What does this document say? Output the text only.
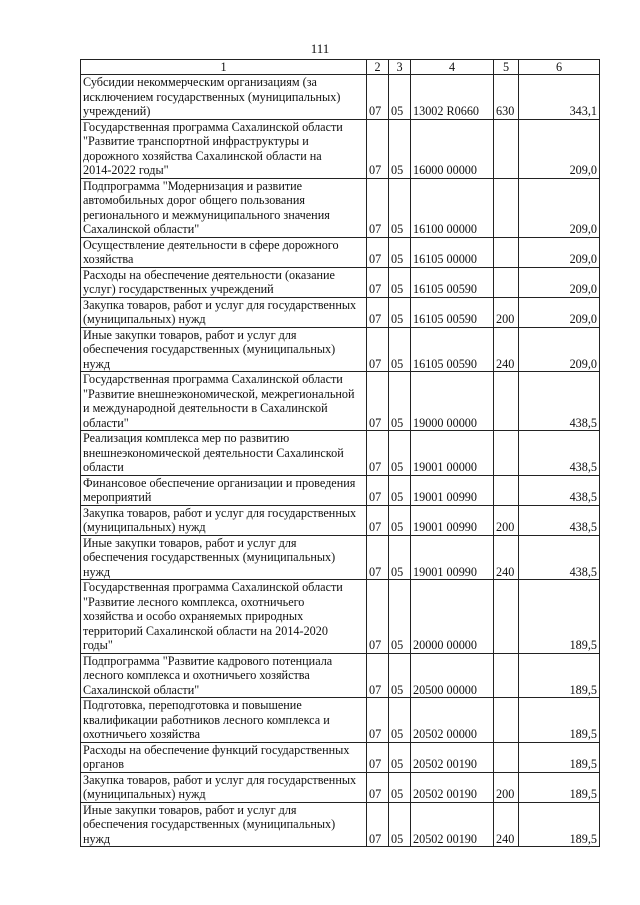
111
1	2	3	4	5	6
Субсидии некоммерческим организациям (за
исключением государственных (муниципальных)
учреждений)	07	05	13002 R0660	630	343,1
Государственная программа Сахалинской области
"Развитие транспортной инфраструктуры и
дорожного хозяйства Сахалинской области на
2014-2022 годы"	07	05	16000 00000		209,0
Подпрограмма "Модернизация и развитие
автомобильных дорог общего пользования
регионального и межмуниципального значения
Сахалинской области"	07	05	16100 00000		209,0
Осуществление деятельности в сфере дорожного
хозяйства	07	05	16105 00000		209,0
Расходы на обеспечение деятельности (оказание
услуг) государственных учреждений	07	05	16105 00590		209,0
Закупка товаров, работ и услуг для государственных
(муниципальных) нужд	07	05	16105 00590	200	209,0
Иные закупки товаров, работ и услуг для
обеспечения государственных (муниципальных)
нужд	07	05	16105 00590	240	209,0
Государственная программа Сахалинской области
"Развитие внешнеэкономической, межрегиональной
и международной деятельности в Сахалинской
области"	07	05	19000 00000		438,5
Реализация комплекса мер по развитию
внешнеэкономической деятельности Сахалинской
области	07	05	19001 00000		438,5
Финансовое обеспечение организации и проведения
мероприятий	07	05	19001 00990		438,5
Закупка товаров, работ и услуг для государственных
(муниципальных) нужд	07	05	19001 00990	200	438,5
Иные закупки товаров, работ и услуг для
обеспечения государственных (муниципальных)
нужд	07	05	19001 00990	240	438,5
Государственная программа Сахалинской области
"Развитие лесного комплекса, охотничьего
хозяйства и особо охраняемых природных
территорий Сахалинской области на 2014-2020
годы"	07	05	20000 00000		189,5
Подпрограмма "Развитие кадрового потенциала
лесного комплекса и охотничьего хозяйства
Сахалинской области"	07	05	20500 00000		189,5
Подготовка, переподготовка и повышение
квалификации работников лесного комплекса и
охотничьего хозяйства	07	05	20502 00000		189,5
Расходы на обеспечение функций государственных
органов	07	05	20502 00190		189,5
Закупка товаров, работ и услуг для государственных
(муниципальных) нужд	07	05	20502 00190	200	189,5
Иные закупки товаров, работ и услуг для
обеспечения государственных (муниципальных)
нужд	07	05	20502 00190	240	189,5
